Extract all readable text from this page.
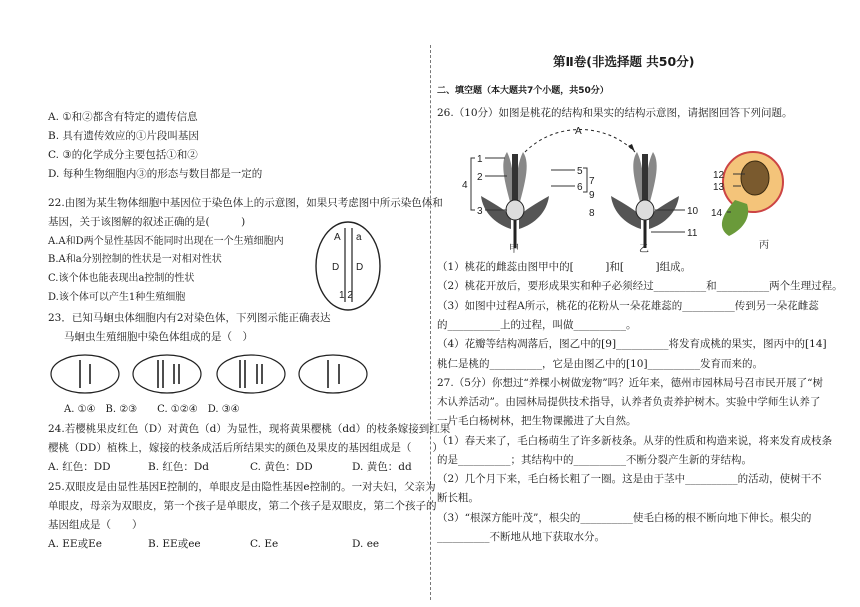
A. ①和②都含有特定的遗传信息
B. 具有遗传效应的①片段叫基因
C. ③的化学成分主要包括①和②
D. 每种生物细胞内③的形态与数目都是一定的
22.由图为某生物体细胞中基因位于染色体上的示意图，如果只考虑图中所示染色体和
基因，关于该图解的叙述正确的是(　　　)
A.A和D两个显性基因不能同时出现在一个生殖细胞内
B.A和a分别控制的性状是一对相对性状
C.该个体也能表现出a控制的性状
D.该个体可以产生1种生殖细胞
A a
D D
1 2
23．已知马蛔虫体细胞内有2对染色体，下列图示能正确表达
马蛔虫生殖细胞中染色体组成的是（　）
A. ①④　B. ②③　　C. ①②④　D. ③④
24.若樱桃果皮红色（D）对黄色（d）为显性，现将黄果樱桃（dd）的枝条嫁接到红果
樱桃（DD）植株上，嫁接的枝条成活后所结果实的颜色及果皮的基因组成是（　　）
A. 红色：DD	B. 红色：Dd	C. 黄色：DD	D. 黄色：dd
25.双眼皮是由显性基因E控制的，单眼皮是由隐性基因e控制的。一对夫妇，父亲为
单眼皮，母亲为双眼皮，第一个孩子是单眼皮，第二个孩子是双眼皮，第二个孩子的
基因组成是（　　）
A. EE或Ee	B. EE或ee	C. Ee	D. ee
第Ⅱ卷(非选择题 共50分)
二、填空题（本大题共7个小题，共50分）
26.（10分）如图是桃花的结构和果实的结构示意图，请据图回答下列问题。
1
2
4
3
甲
A
5
6
7
8
9
10
11
乙
12
13
14
丙
（1）桃花的雌蕊由图甲中的[　　　]和[　　　]组成。
（2）桃花开放后，要形成果实和种子必须经过__________和__________两个生理过程。
（3）如图中过程A所示，桃花的花粉从一朵花雄蕊的__________传到另一朵花雌蕊
的__________上的过程，叫做__________。
（4）花瓣等结构凋落后，图乙中的[9]__________将发育成桃的果实，图丙中的[14]
桃仁是桃的__________，它是由图乙中的[10]__________发育而来的。
27.（5分）你想过“养棵小树做宠物”吗？近年来，德州市园林局号召市民开展了“树
木认养活动”。由园林局提供技术指导，认养者负责养护树木。实验中学师生认养了
一片毛白杨树林，把生物课搬进了大自然。
（1）春天来了，毛白杨萌生了许多新枝条。从芽的性质和构造来说，将来发育成枝条
的是__________；其结构中的__________不断分裂产生新的芽结构。
（2）几个月下来，毛白杨长粗了一圈。这是由于茎中__________的活动，使树干不
断长粗。
（3）“根深方能叶茂”，根尖的__________使毛白杨的根不断向地下伸长。根尖的
__________不断地从地下获取水分。
